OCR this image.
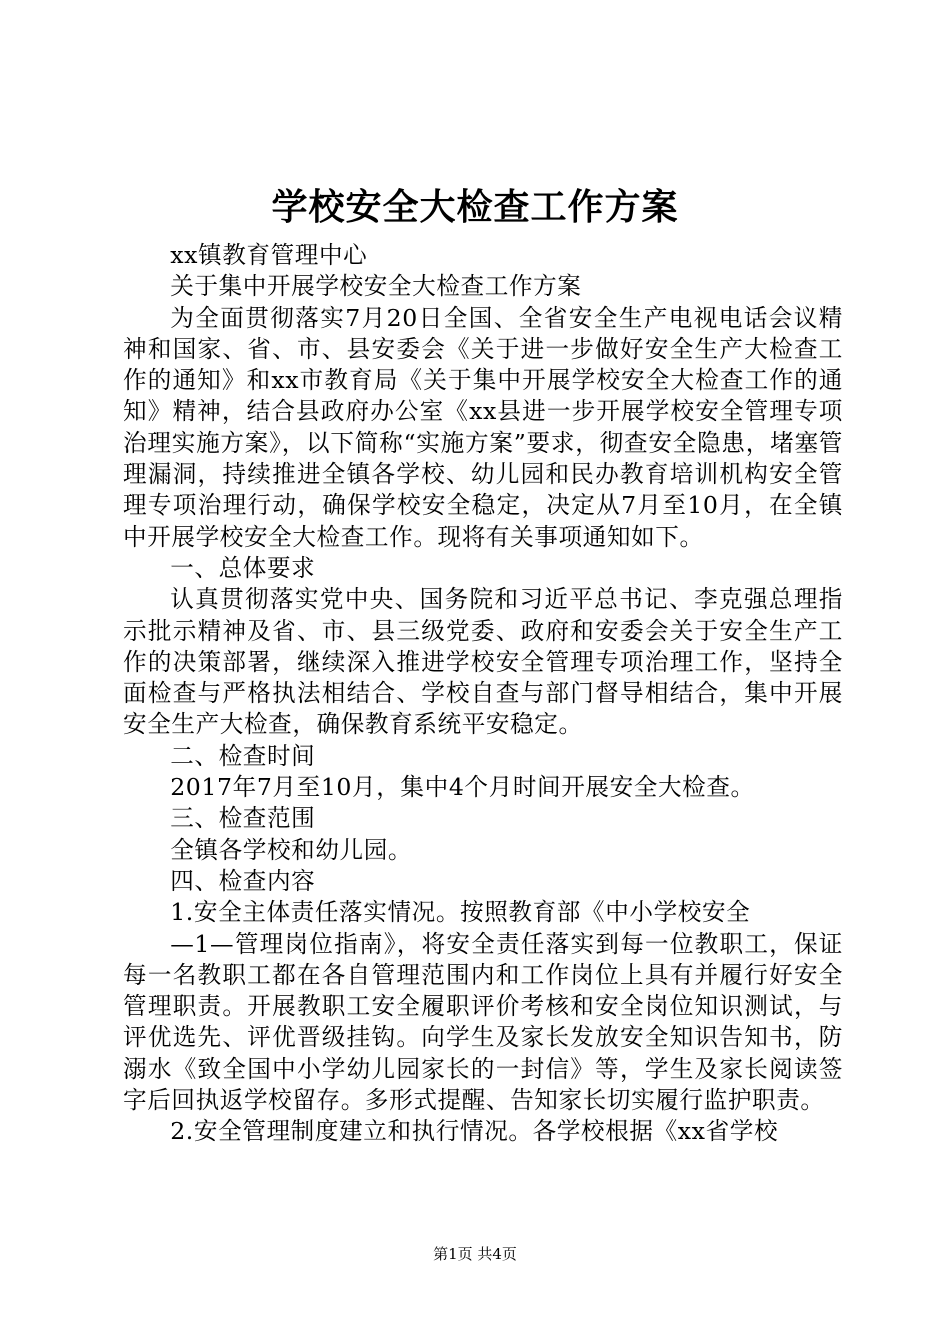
学校安全大检查工作方案

xx镇教育管理中心

关于集中开展学校安全大检查工作方案

为全面贯彻落实7月20日全国、全省安全生产电视电话会议精神和国家、省、市、县安委会《关于进一步做好安全生产大检查工作的通知》和xx市教育局《关于集中开展学校安全大检查工作的通知》精神，结合县政府办公室《xx县进一步开展学校安全管理专项治理实施方案》，以下简称“实施方案”要求，彻查安全隐患，堵塞管理漏洞，持续推进全镇各学校、幼儿园和民办教育培训机构安全管理专项治理行动，确保学校安全稳定，决定从7月至10月，在全镇中开展学校安全大检查工作。现将有关事项通知如下。

一、总体要求

认真贯彻落实党中央、国务院和习近平总书记、李克强总理指示批示精神及省、市、县三级党委、政府和安委会关于安全生产工作的决策部署，继续深入推进学校安全管理专项治理工作，坚持全面检查与严格执法相结合、学校自查与部门督导相结合，集中开展安全生产大检查，确保教育系统平安稳定。

二、检查时间

2017年7月至10月，集中4个月时间开展安全大检查。

三、检查范围

全镇各学校和幼儿园。

四、检查内容

1.安全主体责任落实情况。按照教育部《中小学校安全

—1—管理岗位指南》，将安全责任落实到每一位教职工，保证每一名教职工都在各自管理范围内和工作岗位上具有并履行好安全管理职责。开展教职工安全履职评价考核和安全岗位知识测试，与评优选先、评优晋级挂钩。向学生及家长发放安全知识告知书，防溺水《致全国中小学幼儿园家长的一封信》等，学生及家长阅读签字后回执返学校留存。多形式提醒、告知家长切实履行监护职责。

2.安全管理制度建立和执行情况。各学校根据《xx省学校

第1页 共4页
